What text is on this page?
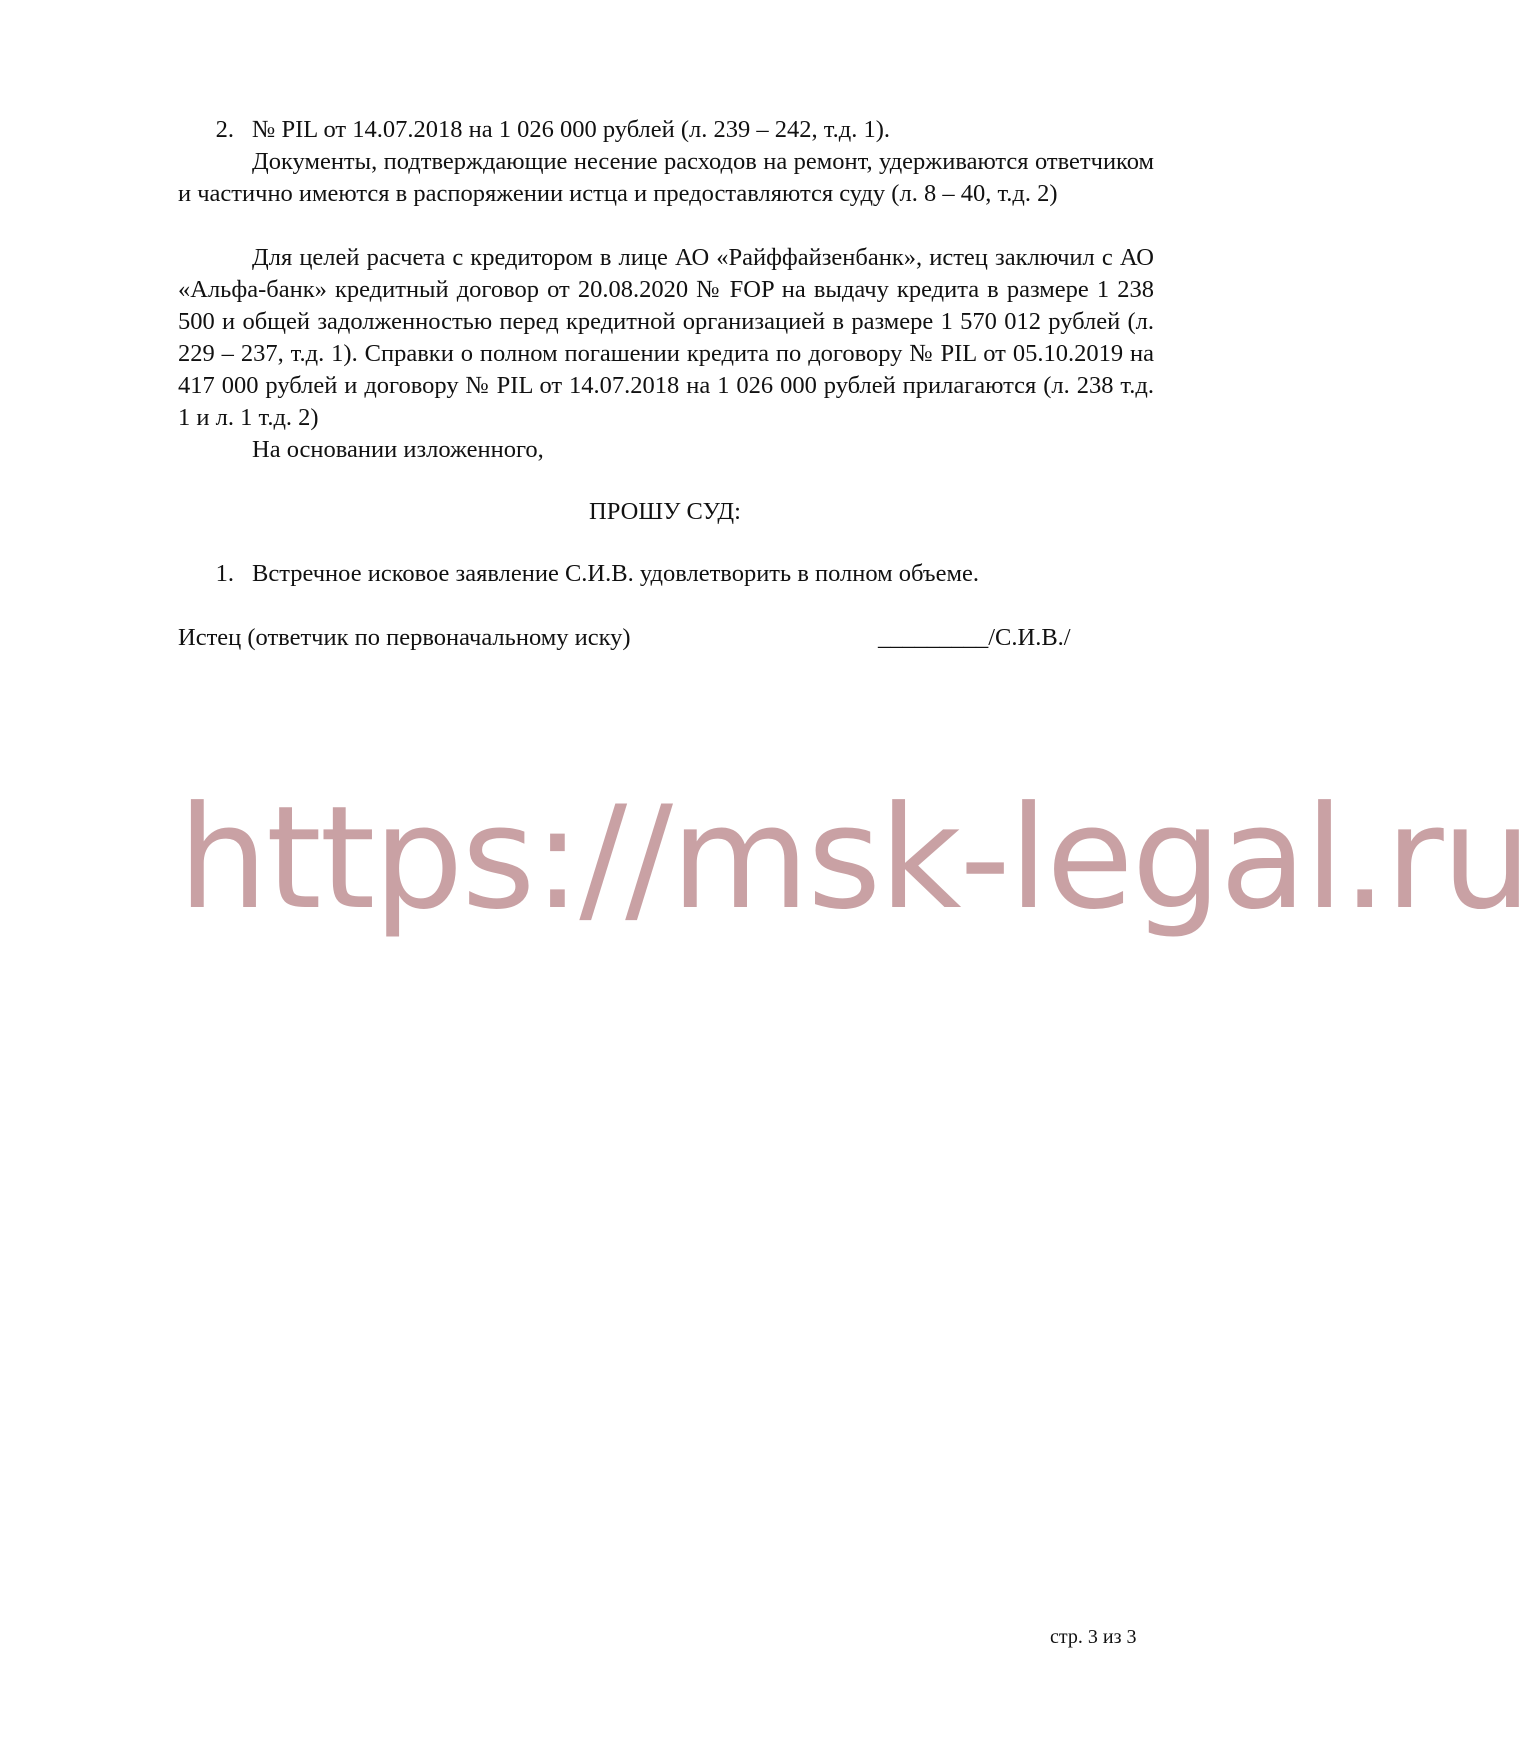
2. № PIL от 14.07.2018 на 1 026 000 рублей (л. 239 – 242, т.д. 1).

Документы, подтверждающие несение расходов на ремонт, удерживаются ответчиком и частично имеются в распоряжении истца и предоставляются суду (л. 8 – 40, т.д. 2)

Для целей расчета с кредитором в лице АО «Райффайзенбанк», истец заключил с АО «Альфа-банк» кредитный договор от 20.08.2020 № FOP на выдачу кредита в размере 1 238 500 и общей задолженностью перед кредитной организацией в размере 1 570 012 рублей (л. 229 – 237, т.д. 1). Справки о полном погашении кредита по договору № PIL от 05.10.2019 на 417 000 рублей и договору № PIL от 14.07.2018 на 1 026 000 рублей прилагаются (л. 238 т.д. 1 и л. 1 т.д. 2)

На основании изложенного,

ПРОШУ СУД:
1. Встречное исковое заявление С.И.В. удовлетворить в полном объеме.
Истец (ответчик по первоначальному иску)	_________/С.И.В./
https://msk-legal.ru
стр. 3 из 3
